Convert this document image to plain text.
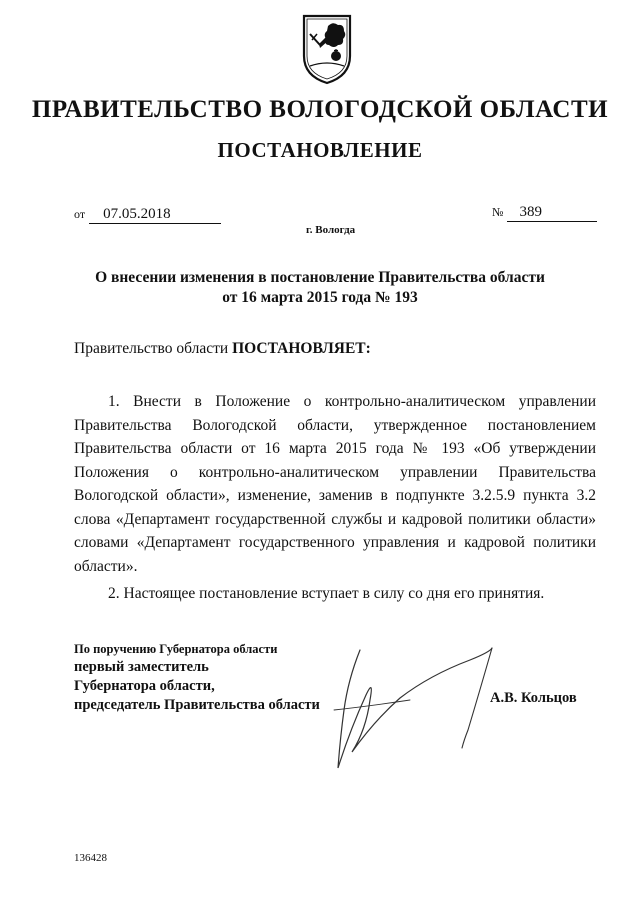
ПРАВИТЕЛЬСТВО ВОЛОГОДСКОЙ ОБЛАСТИ
ПОСТАНОВЛЕНИЕ
от 07.05.2018	№ 389
г. Вологда
О внесении изменения в постановление Правительства области
от 16 марта 2015 года № 193
Правительство области ПОСТАНОВЛЯЕТ:

1. Внести в Положение о контрольно-аналитическом управлении Правительства Вологодской области, утвержденное постановлением Правительства области от 16 марта 2015 года № 193 «Об утверждении Положения о контрольно-аналитическом управлении Правительства Вологодской области», изменение, заменив в подпункте 3.2.5.9 пункта 3.2 слова «Департамент государственной службы и кадровой политики области» словами «Департамент государственного управления и кадровой политики области».

2. Настоящее постановление вступает в силу со дня его принятия.

По поручению Губернатора области
первый заместитель
Губернатора области,
председатель Правительства области	А.В. Кольцов
136428
